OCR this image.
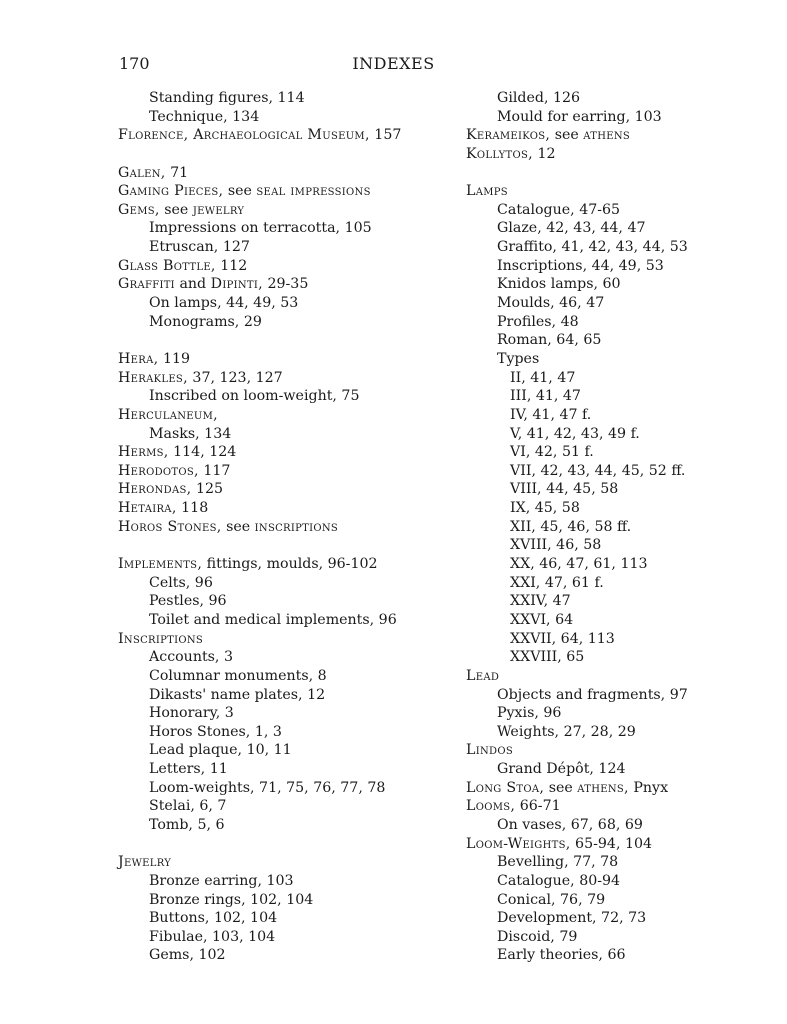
170	INDEXES
Standing figures, 114
Technique, 134
Florence, Archaeological Museum, 157
Galen, 71
Gaming Pieces, see seal impressions
Gems, see jewelry
Impressions on terracotta, 105
Etruscan, 127
Glass Bottle, 112
Graffiti and Dipinti, 29-35
On lamps, 44, 49, 53
Monograms, 29
Hera, 119
Herakles, 37, 123, 127
Inscribed on loom-weight, 75
Herculaneum,
Masks, 134
Herms, 114, 124
Herodotos, 117
Herondas, 125
Hetaira, 118
Horos Stones, see inscriptions
Implements, fittings, moulds, 96-102
Celts, 96
Pestles, 96
Toilet and medical implements, 96
Inscriptions
Accounts, 3
Columnar monuments, 8
Dikasts' name plates, 12
Honorary, 3
Horos Stones, 1, 3
Lead plaque, 10, 11
Letters, 11
Loom-weights, 71, 75, 76, 77, 78
Stelai, 6, 7
Tomb, 5, 6
Jewelry
Bronze earring, 103
Bronze rings, 102, 104
Buttons, 102, 104
Fibulae, 103, 104
Gems, 102
Gilded, 126
Mould for earring, 103
Kerameikos, see athens
Kollytos, 12
Lamps
Catalogue, 47-65
Glaze, 42, 43, 44, 47
Graffito, 41, 42, 43, 44, 53
Inscriptions, 44, 49, 53
Knidos lamps, 60
Moulds, 46, 47
Profiles, 48
Roman, 64, 65
Types
II, 41, 47
III, 41, 47
IV, 41, 47 f.
V, 41, 42, 43, 49 f.
VI, 42, 51 f.
VII, 42, 43, 44, 45, 52 ff.
VIII, 44, 45, 58
IX, 45, 58
XII, 45, 46, 58 ff.
XVIII, 46, 58
XX, 46, 47, 61, 113
XXI, 47, 61 f.
XXIV, 47
XXVI, 64
XXVII, 64, 113
XXVIII, 65
Lead
Objects and fragments, 97
Pyxis, 96
Weights, 27, 28, 29
Lindos
Grand Dépôt, 124
Long Stoa, see athens, Pnyx
Looms, 66-71
On vases, 67, 68, 69
Loom-Weights, 65-94, 104
Bevelling, 77, 78
Catalogue, 80-94
Conical, 76, 79
Development, 72, 73
Discoid, 79
Early theories, 66
